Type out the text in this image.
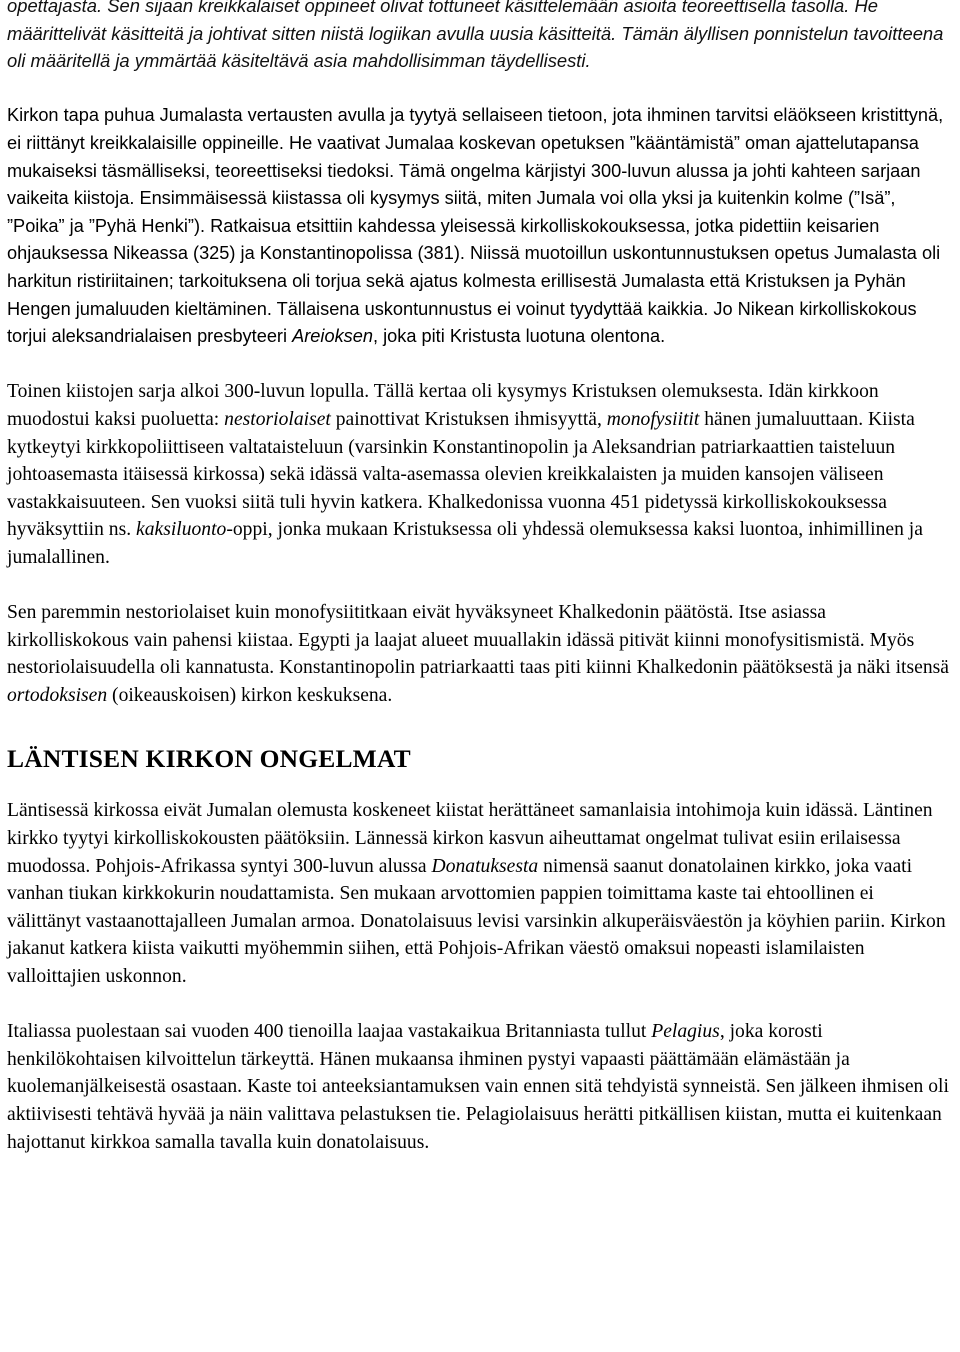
opettajasta. Sen sijaan kreikkalaiset oppineet olivat tottuneet käsittelemään asioita teoreettisella tasolla. He määrittelivät käsitteitä ja johtivat sitten niistä logiikan avulla uusia käsitteitä. Tämän älyllisen ponnistelun tavoitteena oli määritellä ja ymmärtää käsiteltävä asia mahdollisimman täydellisesti.

Kirkon tapa puhua Jumalasta vertausten avulla ja tyytyä sellaiseen tietoon, jota ihminen tarvitsi eläökseen kristittynä, ei riittänyt kreikkalaisille oppineille. He vaativat Jumalaa koskevan opetuksen ”kääntämistä” oman ajattelutapansa mukaiseksi täsmälliseksi, teoreettiseksi tiedoksi. Tämä ongelma kärjistyi 300-luvun alussa ja johti kahteen sarjaan vaikeita kiistoja. Ensimmäisessä kiistassa oli kysymys siitä, miten Jumala voi olla yksi ja kuitenkin kolme (”Isä”, ”Poika” ja ”Pyhä Henki”). Ratkaisua etsittiin kahdessa yleisessä kirkolliskokouksessa, jotka pidettiin keisarien ohjauksessa Nikeassa (325) ja Konstantinopolissa (381). Niissä muotoillun uskontunnustuksen opetus Jumalasta oli harkitun ristiriitainen; tarkoituksena oli torjua sekä ajatus kolmesta erillisestä Jumalasta että Kristuksen ja Pyhän Hengen jumaluuden kieltäminen. Tällaisena uskontunnustus ei voinut tyydyttää kaikkia. Jo Nikean kirkolliskokous torjui aleksandrialaisen presbyteeri Areioksen, joka piti Kristusta luotuna olentona.

Toinen kiistojen sarja alkoi 300-luvun lopulla. Tällä kertaa oli kysymys Kristuksen olemuksesta. Idän kirkkoon muodostui kaksi puoluetta: nestoriolaiset painottivat Kristuksen ihmisyyttä, monofysiitit hänen jumaluuttaan. Kiista kytkeytyi kirkkopoliittiseen valtataisteluun (varsinkin Konstantinopolin ja Aleksandrian patriarkaattien taisteluun johtoasemasta itäisessä kirkossa) sekä idässä valta-asemassa olevien kreikkalaisten ja muiden kansojen väliseen vastakkaisuuteen. Sen vuoksi siitä tuli hyvin katkera. Khalkedonissa vuonna 451 pidetyssä kirkolliskokouksessa hyväksyttiin ns. kaksiluonto-oppi, jonka mukaan Kristuksessa oli yhdessä olemuksessa kaksi luontoa, inhimillinen ja jumalallinen.

Sen paremmin nestoriolaiset kuin monofysiititkaan eivät hyväksyneet Khalkedonin päätöstä. Itse asiassa kirkolliskokous vain pahensi kiistaa. Egypti ja laajat alueet muuallakin idässä pitivät kiinni monofysitismistä. Myös nestoriolaisuudella oli kannatusta. Konstantinopolin patriarkaatti taas piti kiinni Khalkedonin päätöksestä ja näki itsensä ortodoksisen (oikeauskoisen) kirkon keskuksena.

LÄNTISEN KIRKON ONGELMAT

Läntisessä kirkossa eivät Jumalan olemusta koskeneet kiistat herättäneet samanlaisia intohimoja kuin idässä. Läntinen kirkko tyytyi kirkolliskokousten päätöksiin. Lännessä kirkon kasvun aiheuttamat ongelmat tulivat esiin erilaisessa muodossa. Pohjois-Afrikassa syntyi 300-luvun alussa Donatuksesta nimensä saanut donatolainen kirkko, joka vaati vanhan tiukan kirkkokurin noudattamista. Sen mukaan arvottomien pappien toimittama kaste tai ehtoollinen ei välittänyt vastaanottajalleen Jumalan armoa. Donatolaisuus levisi varsinkin alkuperäisväestön ja köyhien pariin. Kirkon jakanut katkera kiista vaikutti myöhemmin siihen, että Pohjois-Afrikan väestö omaksui nopeasti islamilaisten valloittajien uskonnon.

Italiassa puolestaan sai vuoden 400 tienoilla laajaa vastakaikua Britanniasta tullut Pelagius, joka korosti henkilökohtaisen kilvoittelun tärkeyttä. Hänen mukaansa ihminen pystyi vapaasti päättämään elämästään ja kuolemanjälkeisestä osastaan. Kaste toi anteeksiantamuksen vain ennen sitä tehdyistä synneistä. Sen jälkeen ihmisen oli aktiivisesti tehtävä hyvää ja näin valittava pelastuksen tie. Pelagiolaisuus herätti pitkällisen kiistan, mutta ei kuitenkaan hajottanut kirkkoa samalla tavalla kuin donatolaisuus.
